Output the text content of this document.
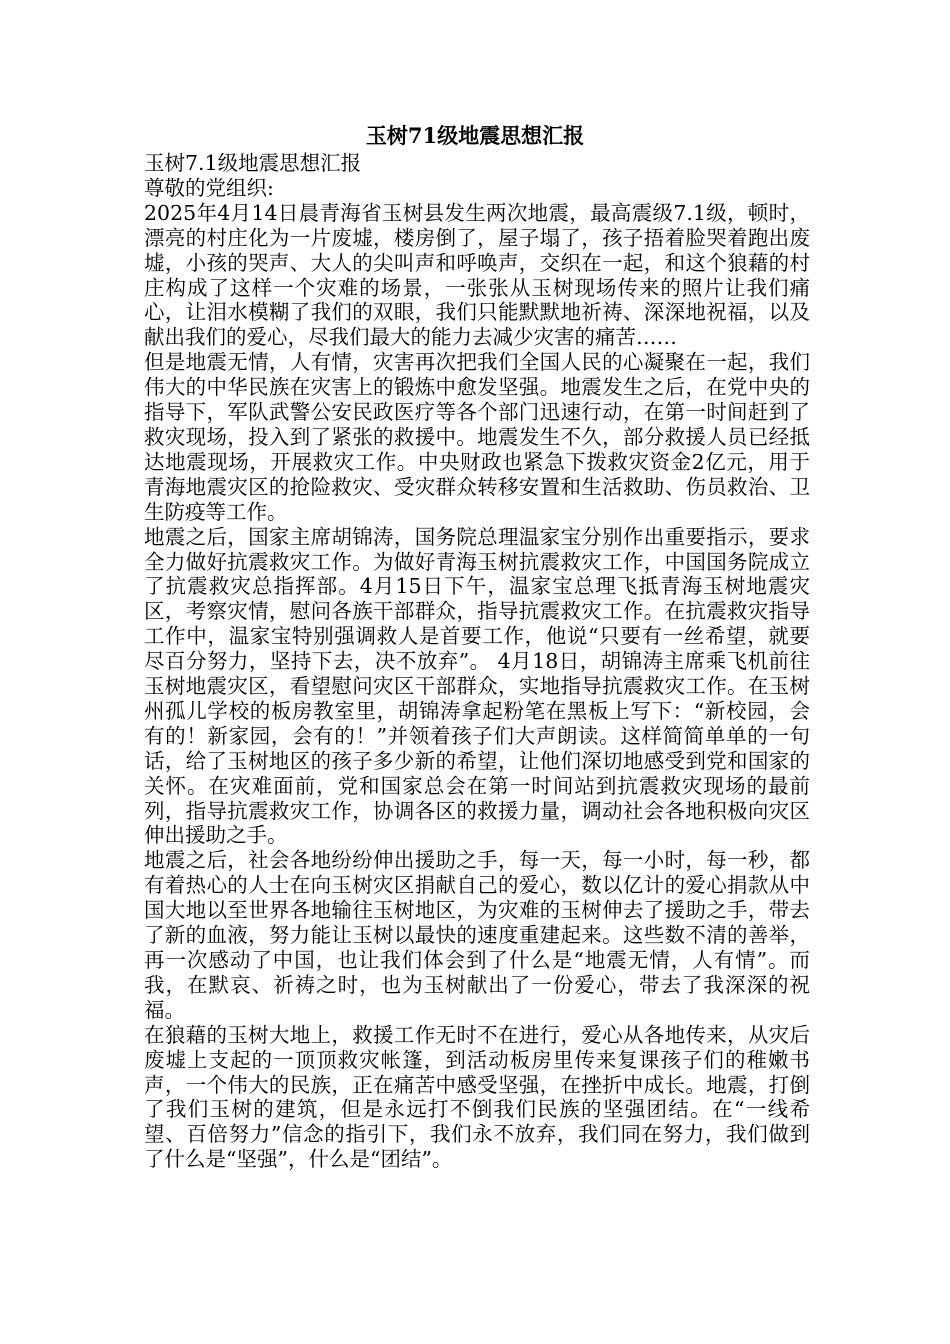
玉树71级地震思想汇报

玉树7.1级地震思想汇报

尊敬的党组织:

2025年4月14日晨青海省玉树县发生两次地震，最高震级7.1级，顿时，漂亮的村庄化为一片废墟，楼房倒了，屋子塌了，孩子捂着脸哭着跑出废墟，小孩的哭声、大人的尖叫声和呼唤声，交织在一起，和这个狼藉的村庄构成了这样一个灾难的场景，一张张从玉树现场传来的照片让我们痛心，让泪水模糊了我们的双眼，我们只能默默地祈祷、深深地祝福，以及献出我们的爱心，尽我们最大的能力去减少灾害的痛苦……

但是地震无情，人有情，灾害再次把我们全国人民的心凝聚在一起，我们伟大的中华民族在灾害上的锻炼中愈发坚强。地震发生之后，在党中央的指导下，军队武警公安民政医疗等各个部门迅速行动，在第一时间赶到了救灾现场，投入到了紧张的救援中。地震发生不久，部分救援人员已经抵达地震现场，开展救灾工作。中央财政也紧急下拨救灾资金2亿元，用于青海地震灾区的抢险救灾、受灾群众转移安置和生活救助、伤员救治、卫生防疫等工作。

地震之后，国家主席胡锦涛，国务院总理温家宝分别作出重要指示，要求全力做好抗震救灾工作。为做好青海玉树抗震救灾工作，中国国务院成立了抗震救灾总指挥部。4月15日下午，温家宝总理飞抵青海玉树地震灾区，考察灾情，慰问各族干部群众，指导抗震救灾工作。在抗震救灾指导工作中，温家宝特别强调救人是首要工作，他说“只要有一丝希望，就要尽百分努力，坚持下去，决不放弃”。 4月18日，胡锦涛主席乘飞机前往玉树地震灾区，看望慰问灾区干部群众，实地指导抗震救灾工作。在玉树州孤儿学校的板房教室里，胡锦涛拿起粉笔在黑板上写下：“新校园，会有的！新家园，会有的！”并领着孩子们大声朗读。这样简简单单的一句话，给了玉树地区的孩子多少新的希望，让他们深切地感受到党和国家的关怀。在灾难面前，党和国家总会在第一时间站到抗震救灾现场的最前列，指导抗震救灾工作，协调各区的救援力量，调动社会各地积极向灾区伸出援助之手。

地震之后，社会各地纷纷伸出援助之手，每一天，每一小时，每一秒，都有着热心的人士在向玉树灾区捐献自己的爱心，数以亿计的爱心捐款从中国大地以至世界各地输往玉树地区，为灾难的玉树伸去了援助之手，带去了新的血液，努力能让玉树以最快的速度重建起来。这些数不清的善举，再一次感动了中国，也让我们体会到了什么是“地震无情，人有情”。而我，在默哀、祈祷之时，也为玉树献出了一份爱心，带去了我深深的祝福。

在狼藉的玉树大地上，救援工作无时不在进行，爱心从各地传来，从灾后废墟上支起的一顶顶救灾帐篷，到活动板房里传来复课孩子们的稚嫩书声，一个伟大的民族，正在痛苦中感受坚强，在挫折中成长。地震，打倒了我们玉树的建筑，但是永远打不倒我们民族的坚强团结。在“一线希望、百倍努力”信念的指引下，我们永不放弃，我们同在努力，我们做到了什么是“坚强”，什么是“团结”。
